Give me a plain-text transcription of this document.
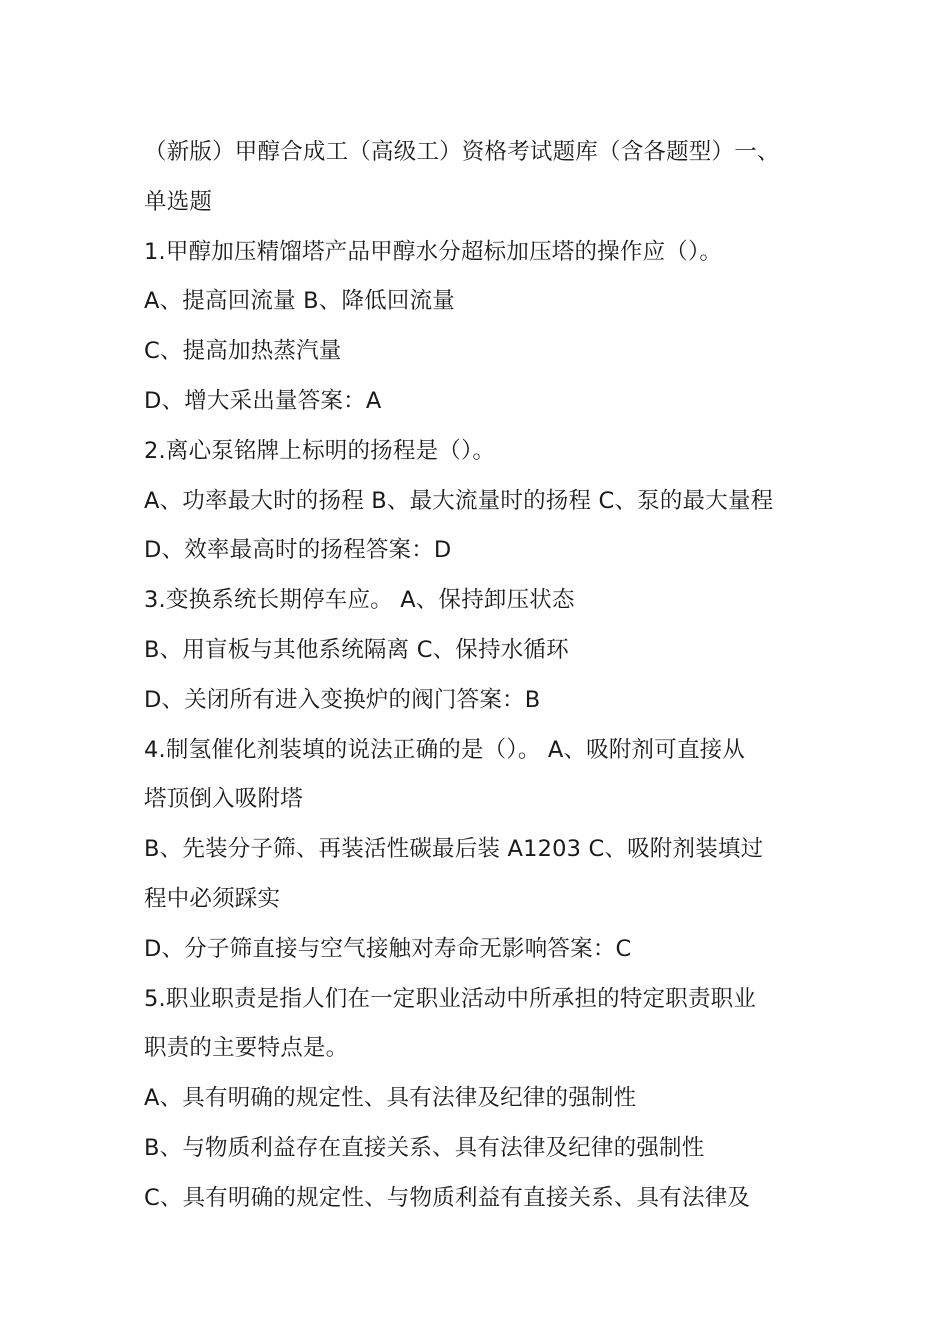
（新版）甲醇合成工（高级工）资格考试题库（含各题型）一、
单选题
1.甲醇加压精馏塔产品甲醇水分超标加压塔的操作应（）。
A、提高回流量 B、降低回流量
C、提高加热蒸汽量
D、增大采出量答案：A
2.离心泵铭牌上标明的扬程是（）。
A、功率最大时的扬程 B、最大流量时的扬程 C、泵的最大量程
D、效率最高时的扬程答案：D
3.变换系统长期停车应。 A、保持卸压状态
B、用盲板与其他系统隔离 C、保持水循环
D、关闭所有进入变换炉的阀门答案：B
4.制氢催化剂装填的说法正确的是（）。 A、吸附剂可直接从
塔顶倒入吸附塔
B、先装分子筛、再装活性碳最后装 A1203 C、吸附剂装填过
程中必须踩实
D、分子筛直接与空气接触对寿命无影响答案：C
5.职业职责是指人们在一定职业活动中所承担的特定职责职业
职责的主要特点是。
A、具有明确的规定性、具有法律及纪律的强制性
B、与物质利益存在直接关系、具有法律及纪律的强制性
C、具有明确的规定性、与物质利益有直接关系、具有法律及
